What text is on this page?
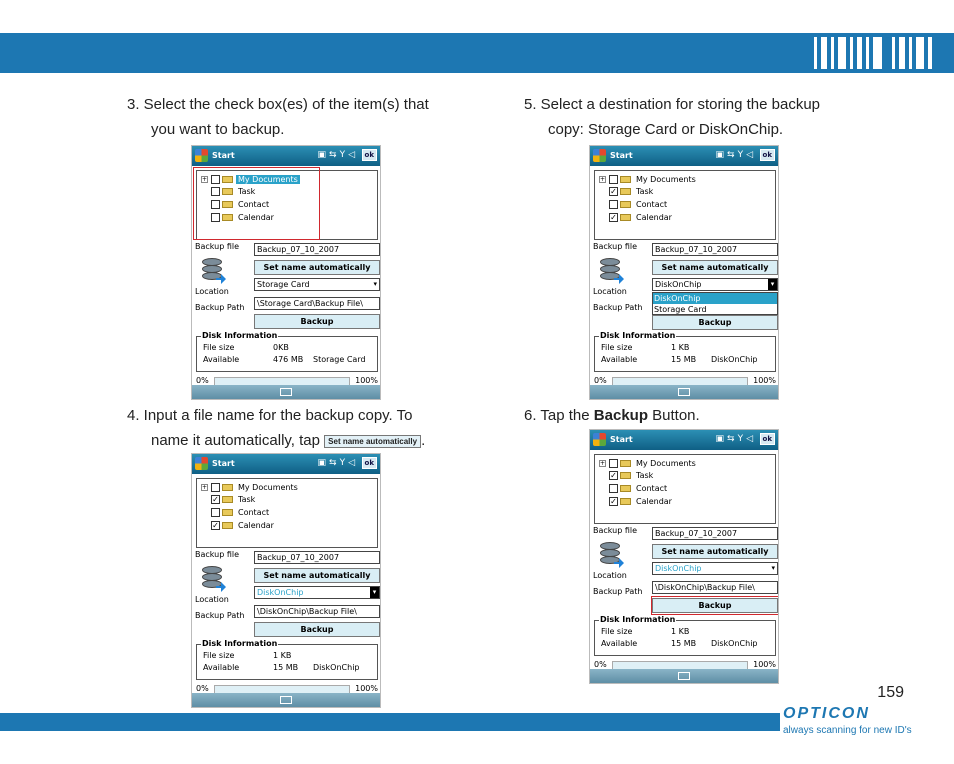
3. Select the check box(es) of the item(s) that
you want to backup.
4. Input a file name for the backup copy. To
name it automatically, tap Set name automatically .
5. Select a destination for storing the backup
copy: Storage Card or DiskOnChip.
6. Tap the Backup Button.
Start	▣⇆Y◁ ok
+	My Documents
Task
Contact
Calendar
Backup file	Backup_07_10_2007
Set name automatically
Storage Card	▾
Location
Backup Path	\Storage Card\Backup File\
Backup
Disk Information
File size	0KB
Available	476 MB Storage Card
0%	100%
Start	▣⇆Y◁ ok
+	My Documents
✓ Task
Contact
✓ Calendar
Backup file	Backup_07_10_2007
Set name automatically
DiskOnChip	▾
Location
Backup Path	\DiskOnChip\Backup File\
Backup
Disk Information
File size	1 KB
Available	15 MB DiskOnChip
0%	100%
Start	▣⇆Y◁ ok
+	My Documents
✓ Task
Contact
✓ Calendar
Backup file	Backup_07_10_2007
Set name automatically
DiskOnChip	▾
DiskOnChip
Storage Card
Location
Backup Path
Backup
Disk Information
File size	1 KB
Available	15 MB DiskOnChip
0%	100%
Start	▣⇆Y◁ ok
+	My Documents
✓ Task
Contact
✓ Calendar
Backup file	Backup_07_10_2007
Set name automatically
DiskOnChip	▾
Location
Backup Path	\DiskOnChip\Backup File\
Backup
Disk Information
File size	1 KB
Available	15 MB DiskOnChip
0%	100%
159
OPTICON
always scanning for new ID's
